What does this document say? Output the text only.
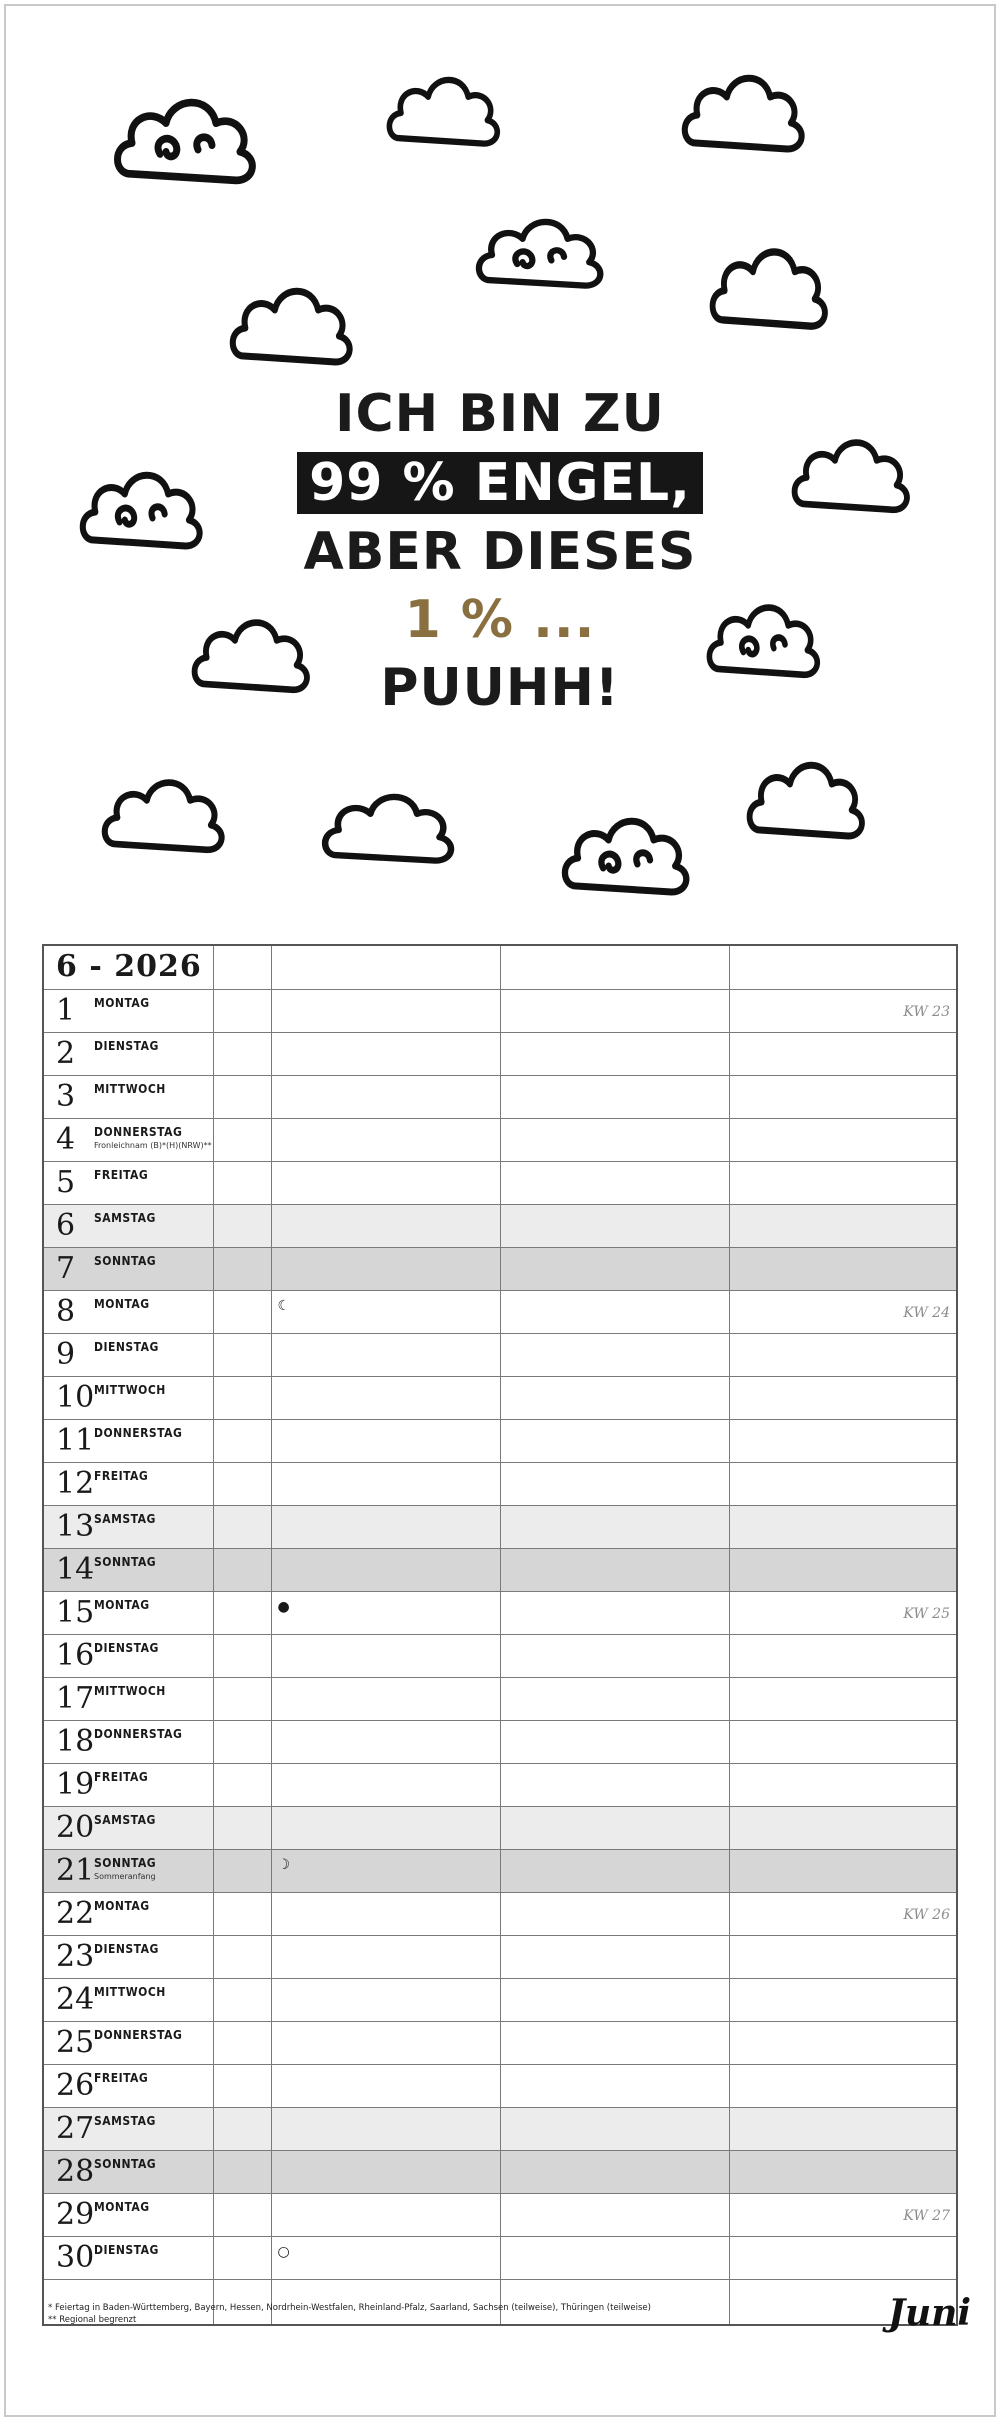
ICH BIN ZU
99 % ENGEL,
ABER DIESES
1 % ...
PUUHH!
6 - 2026				

1 MONTAG				KW 23

2 DIENSTAG				

3 MITTWOCH				

4 DONNERSTAG
Fronleichnam (B)*(H)(NRW)**				

5 FREITAG				

6 SAMSTAG				

7 SONNTAG				

8 MONTAG		☾		KW 24

9 DIENSTAG				

10 MITTWOCH				

11 DONNERSTAG				

12 FREITAG				

13 SAMSTAG				

14 SONNTAG				

15 MONTAG		●		KW 25

16 DIENSTAG				

17 MITTWOCH				

18 DONNERSTAG				

19 FREITAG				

20 SAMSTAG				

21 SONNTAG
Sommeranfang		☽		

22 MONTAG				KW 26

23 DIENSTAG				

24 MITTWOCH				

25 DONNERSTAG				

26 FREITAG				

27 SAMSTAG				

28 SONNTAG				

29 MONTAG				KW 27

30 DIENSTAG		○		

* Feiertag in Baden-Württemberg, Bayern, Hessen, Nordrhein-Westfalen, Rheinland-Pfalz, Saarland, Sachsen (teilweise), Thüringen (teilweise)
** Regional begrenzt	Juni
